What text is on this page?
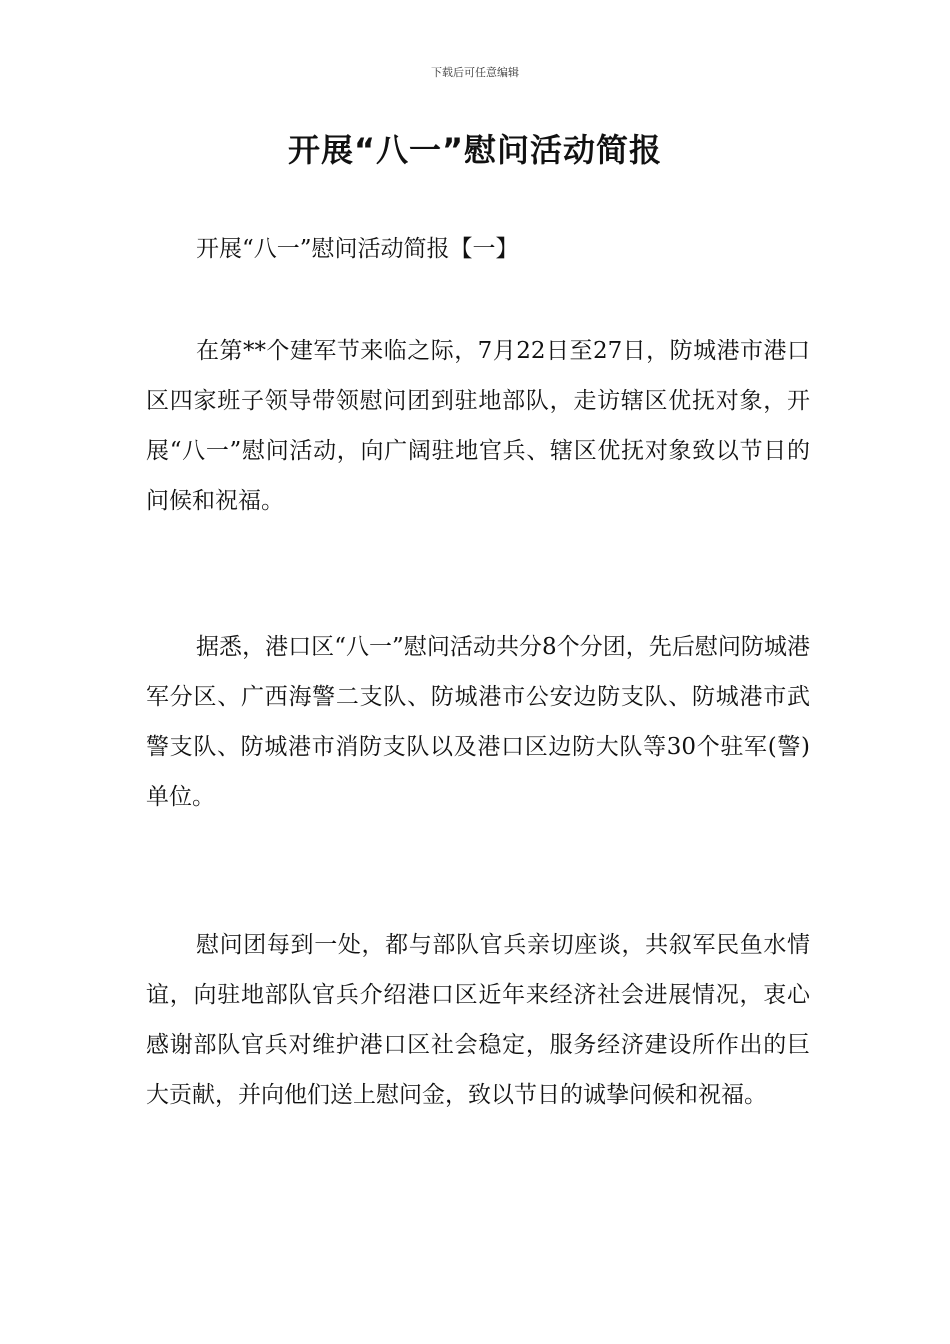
下载后可任意编辑
开展“八一”慰问活动简报

开展“八一”慰问活动简报【一】

在第**个建军节来临之际，7月22日至27日，防城港市港口区四家班子领导带领慰问团到驻地部队，走访辖区优抚对象，开展“八一”慰问活动，向广阔驻地官兵、辖区优抚对象致以节日的问候和祝福。

据悉，港口区“八一”慰问活动共分8个分团，先后慰问防城港军分区、广西海警二支队、防城港市公安边防支队、防城港市武警支队、防城港市消防支队以及港口区边防大队等30个驻军(警)单位。

慰问团每到一处，都与部队官兵亲切座谈，共叙军民鱼水情谊，向驻地部队官兵介绍港口区近年来经济社会进展情况，衷心感谢部队官兵对维护港口区社会稳定，服务经济建设所作出的巨大贡献，并向他们送上慰问金，致以节日的诚挚问候和祝福。
